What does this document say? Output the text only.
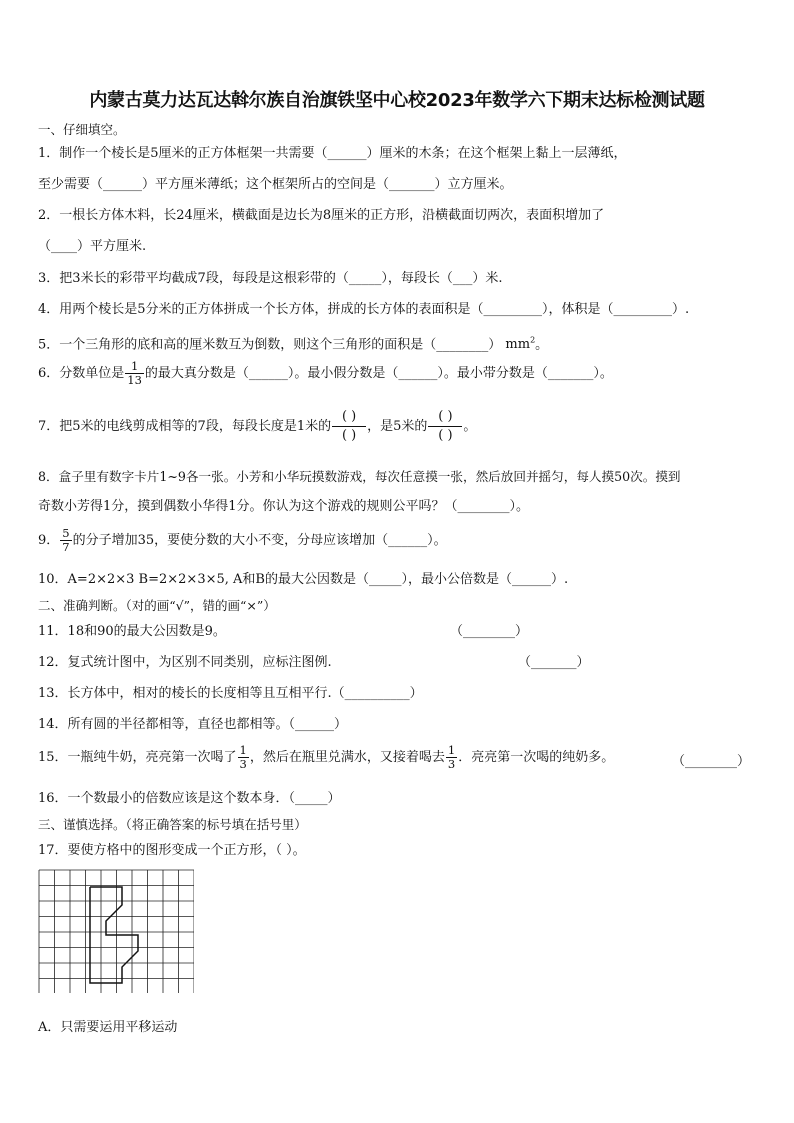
内蒙古莫力达瓦达斡尔族自治旗铁坚中心校2023年数学六下期末达标检测试题
一、仔细填空。
1．制作一个棱长是5厘米的正方体框架一共需要（______）厘米的木条；在这个框架上黏上一层薄纸，
至少需要（______）平方厘米薄纸；这个框架所占的空间是（_______）立方厘米。
2．一根长方体木料，长24厘米，横截面是边长为8厘米的正方形，沿横截面切两次，表面积增加了
（____）平方厘米.
3．把3米长的彩带平均截成7段，每段是这根彩带的（_____），每段长（___）米.
4．用两个棱长是5分米的正方体拼成一个长方体，拼成的长方体的表面积是（_________），体积是（_________）.
5．一个三角形的底和高的厘米数互为倒数，则这个三角形的面积是（________） $mm^2$。
6．分数单位是 $\frac{1}{13}$ 的最大真分数是（______）。最小假分数是（______）。最小带分数是（_______）。
7．把5米的电线剪成相等的7段，每段长度是1米的 $\frac{( )}{( )}$ ，是5米的 $\frac{( )}{( )}$ 。
8．盒子里有数字卡片1~9各一张。小芳和小华玩摸数游戏，每次任意摸一张，然后放回并摇匀，每人摸50次。摸到
奇数小芳得1分，摸到偶数小华得1分。你认为这个游戏的规则公平吗？（________）。
9． $\frac{5}{7}$ 的分子增加35，要使分数的大小不变，分母应该增加（______）。
10．A=2×2×3 B=2×2×3×5, A和B的最大公因数是（_____），最小公倍数是（______）.
二、准确判断。（对的画“√”，错的画“×”）
11．18和90的最大公因数是9。	（________）
12．复式统计图中，为区别不同类别，应标注图例.	（_______）
13．长方体中，相对的棱长的长度相等且互相平行.（__________）
14．所有圆的半径都相等，直径也都相等。（______）
15．一瓶纯牛奶，亮亮第一次喝了 $\frac{1}{3}$ ，然后在瓶里兑满水，又接着喝去 $\frac{1}{3}$ ．亮亮第一次喝的纯奶多。	（________）
16．一个数最小的倍数应该是这个数本身．（_____）
三、谨慎选择。（将正确答案的标号填在括号里）
17．要使方格中的图形变成一个正方形，（ ）。
A．只需要运用平移运动
